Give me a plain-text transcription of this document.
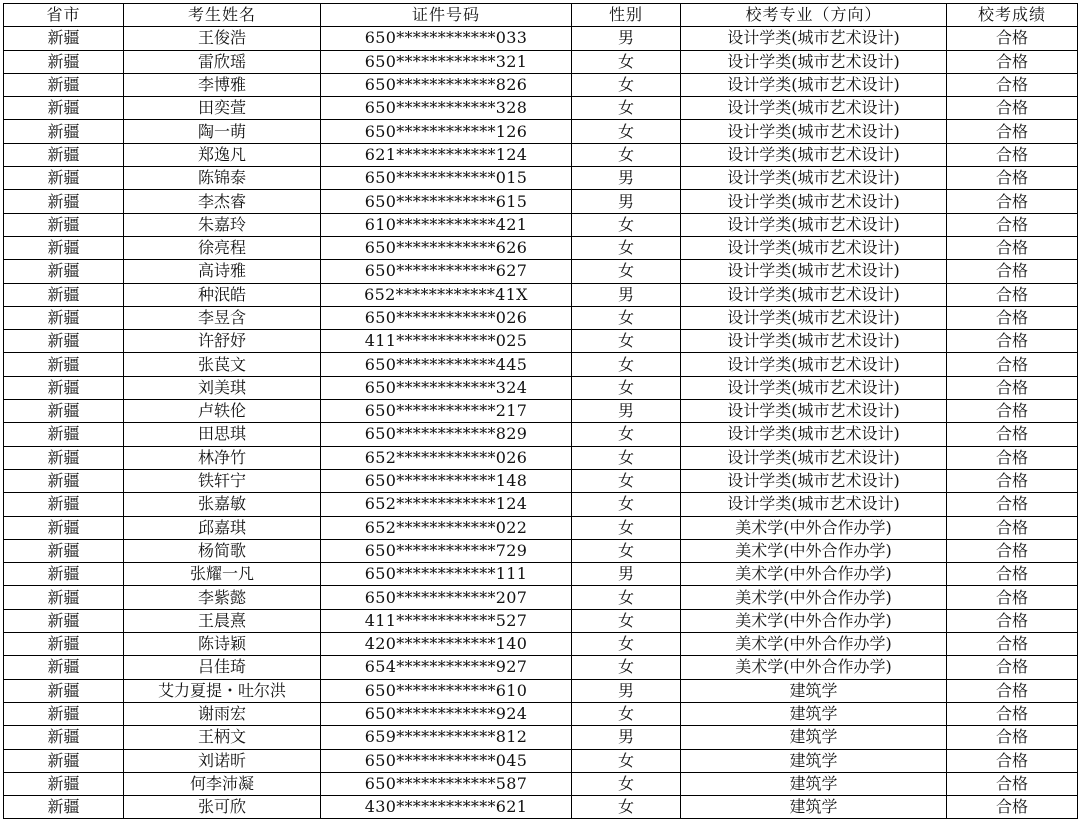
省市	考生姓名	证件号码	性别	校考专业（方向）	校考成绩
新疆	王俊浩	650************033	男	设计学类(城市艺术设计)	合格
新疆	雷欣瑶	650************321	女	设计学类(城市艺术设计)	合格
新疆	李博雅	650************826	女	设计学类(城市艺术设计)	合格
新疆	田奕萱	650************328	女	设计学类(城市艺术设计)	合格
新疆	陶一萌	650************126	女	设计学类(城市艺术设计)	合格
新疆	郑逸凡	621************124	女	设计学类(城市艺术设计)	合格
新疆	陈锦泰	650************015	男	设计学类(城市艺术设计)	合格
新疆	李杰睿	650************615	男	设计学类(城市艺术设计)	合格
新疆	朱嘉玲	610************421	女	设计学类(城市艺术设计)	合格
新疆	徐亮程	650************626	女	设计学类(城市艺术设计)	合格
新疆	高诗雅	650************627	女	设计学类(城市艺术设计)	合格
新疆	种泯皓	652************41X	男	设计学类(城市艺术设计)	合格
新疆	李昱含	650************026	女	设计学类(城市艺术设计)	合格
新疆	许舒妤	411************025	女	设计学类(城市艺术设计)	合格
新疆	张苠文	650************445	女	设计学类(城市艺术设计)	合格
新疆	刘美琪	650************324	女	设计学类(城市艺术设计)	合格
新疆	卢轶伦	650************217	男	设计学类(城市艺术设计)	合格
新疆	田思琪	650************829	女	设计学类(城市艺术设计)	合格
新疆	林净竹	652************026	女	设计学类(城市艺术设计)	合格
新疆	铁轩宁	650************148	女	设计学类(城市艺术设计)	合格
新疆	张嘉敏	652************124	女	设计学类(城市艺术设计)	合格
新疆	邱嘉琪	652************022	女	美术学(中外合作办学)	合格
新疆	杨简歌	650************729	女	美术学(中外合作办学)	合格
新疆	张耀一凡	650************111	男	美术学(中外合作办学)	合格
新疆	李紫懿	650************207	女	美术学(中外合作办学)	合格
新疆	王晨熹	411************527	女	美术学(中外合作办学)	合格
新疆	陈诗颖	420************140	女	美术学(中外合作办学)	合格
新疆	吕佳琦	654************927	女	美术学(中外合作办学)	合格
新疆	艾力夏提・吐尔洪	650************610	男	建筑学	合格
新疆	谢雨宏	650************924	女	建筑学	合格
新疆	王柄文	659************812	男	建筑学	合格
新疆	刘诺昕	650************045	女	建筑学	合格
新疆	何李沛凝	650************587	女	建筑学	合格
新疆	张可欣	430************621	女	建筑学	合格
